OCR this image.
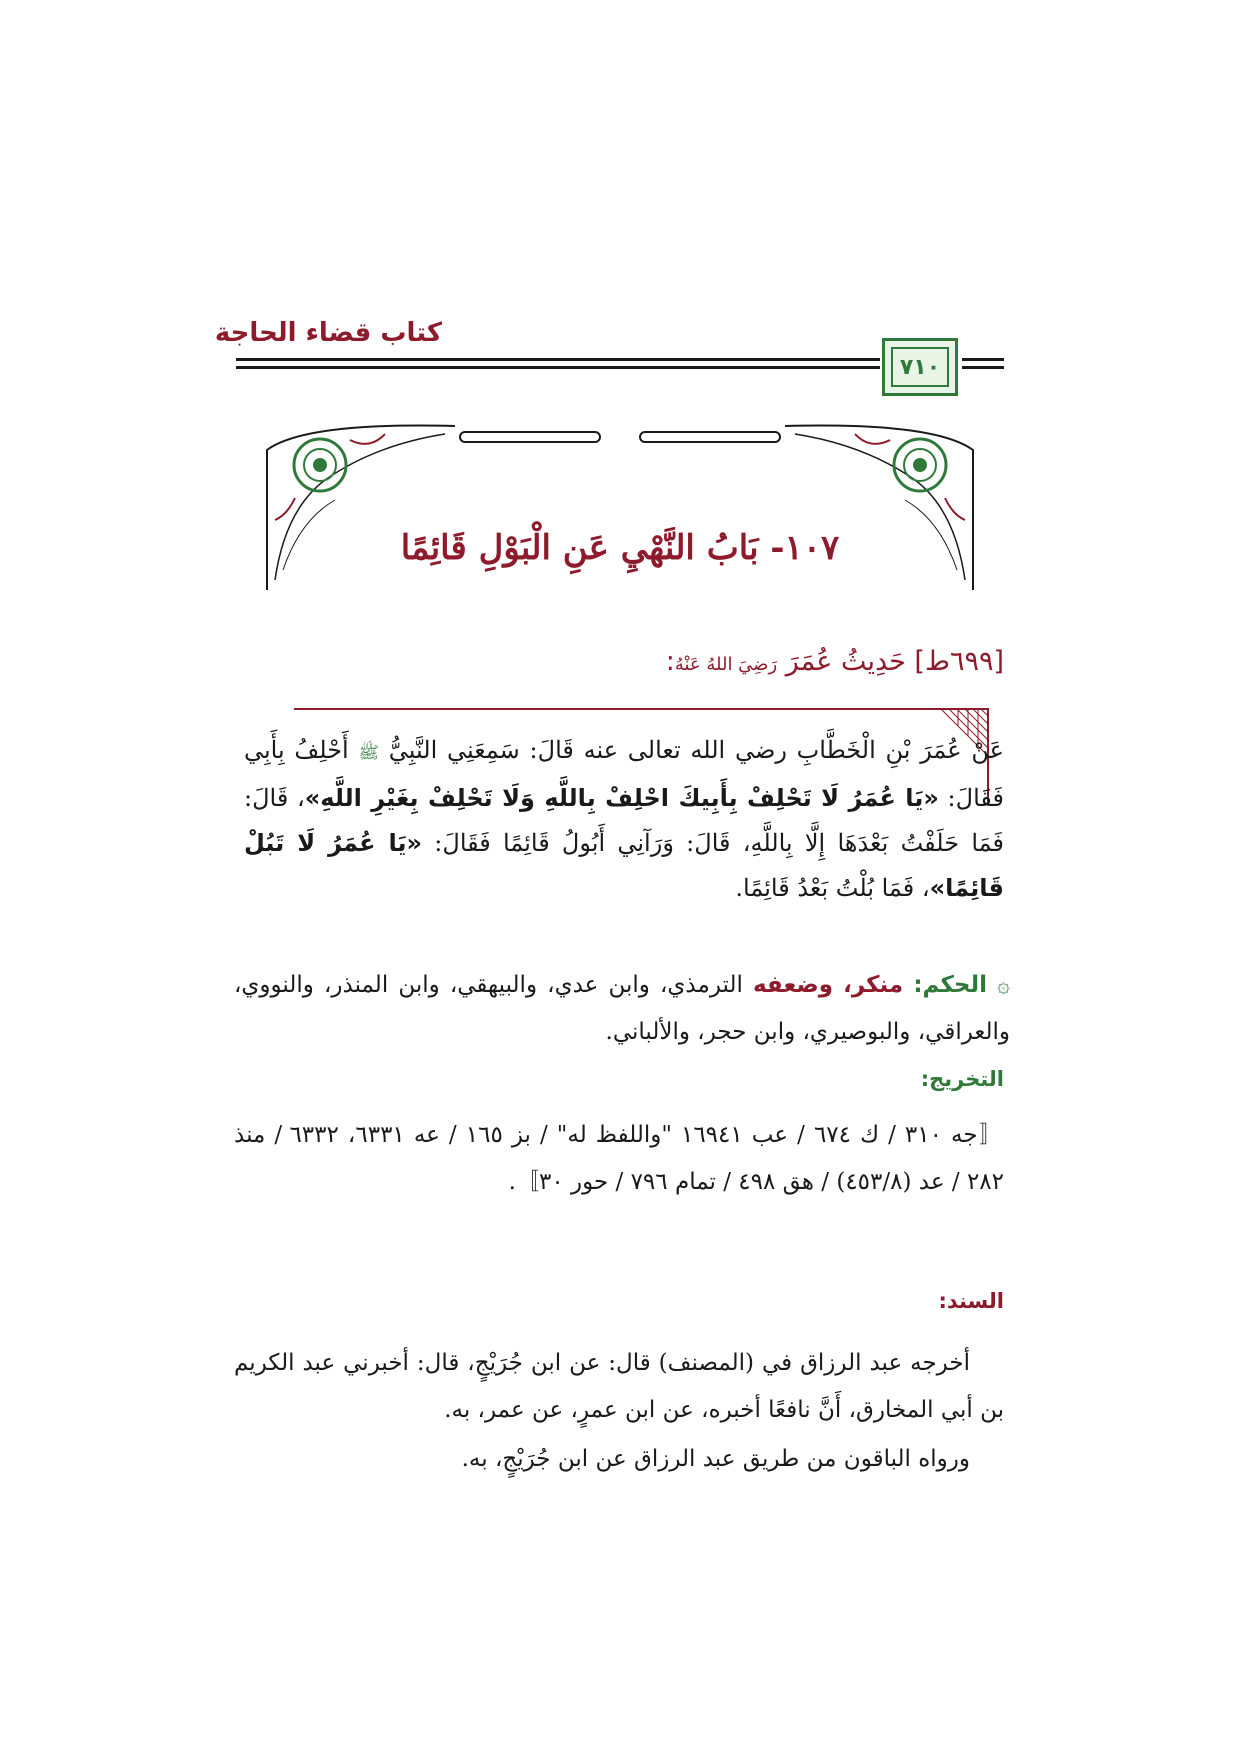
كتاب قضاء الحاجة
٧١٠
١٠٧- بَابُ النَّهْيِ عَنِ الْبَوْلِ قَائِمًا
[٦٩٩ط] حَدِيثُ عُمَرَ رَضِيَ اللهُ عَنْهُ:
عَنْ عُمَرَ بْنِ الْخَطَّابِ رضي الله تعالى عنه قَالَ: سَمِعَنِي النَّبِيُّ ﷺ أَحْلِفُ بِأَبِي فَقَالَ: «يَا عُمَرُ لَا تَحْلِفْ بِأَبِيكَ احْلِفْ بِاللَّهِ وَلَا تَحْلِفْ بِغَيْرِ اللَّهِ»، قَالَ: فَمَا حَلَفْتُ بَعْدَهَا إِلَّا بِاللَّهِ، قَالَ: وَرَآنِي أَبُولُ قَائِمًا فَقَالَ: «يَا عُمَرُ لَا تَبُلْ قَائِمًا»، فَمَا بُلْتُ بَعْدُ قَائِمًا.
۞ الحكم: منكر، وضعفه الترمذي، وابن عدي، والبيهقي، وابن المنذر، والنووي، والعراقي، والبوصيري، وابن حجر، والألباني.
التخريج:
〚جه ٣١٠ / ك ٦٧٤ / عب ١٦٩٤١ "واللفظ له" / بز ١٦٥ / عه ٦٣٣١، ٦٣٣٢ / منذ ٢٨٢ / عد (٤٥٣/٨) / هق ٤٩٨ / تمام ٧٩٦ / حور ٣٠〛.
السند:
أخرجه عبد الرزاق في (المصنف) قال: عن ابن جُرَيْجٍ، قال: أخبرني عبد الكريم بن أبي المخارق، أَنَّ نافعًا أخبره، عن ابن عمرٍ، عن عمر، به.
ورواه الباقون من طريق عبد الرزاق عن ابن جُرَيْجٍ، به.
